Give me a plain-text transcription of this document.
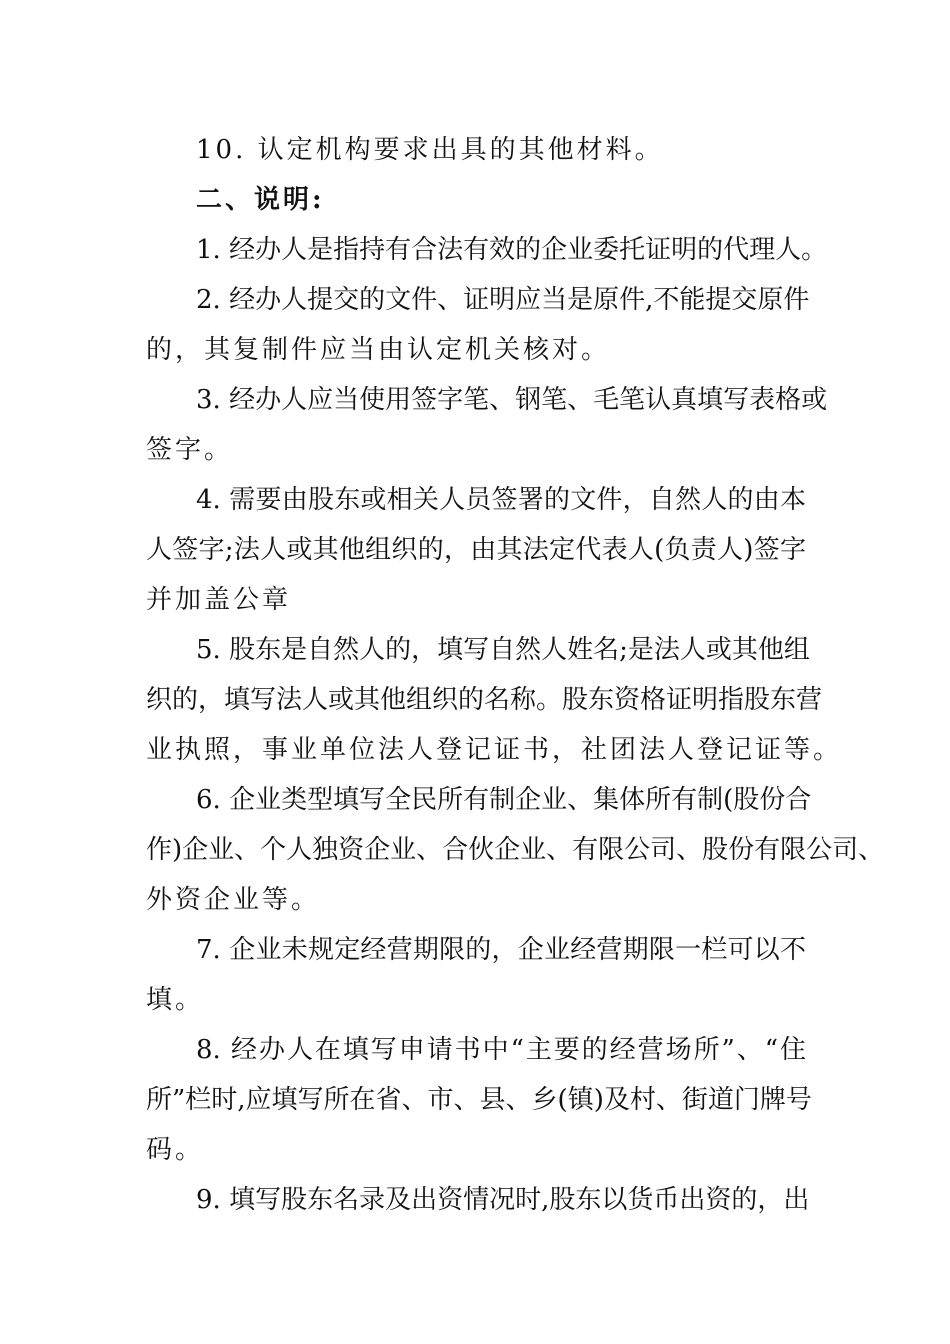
10. 认定机构要求出具的其他材料。
二、说明:
1. 经办人是指持有合法有效的企业委托证明的代理人。
2. 经办人提交的文件、证明应当是原件,不能提交原件
的，其复制件应当由认定机关核对。
3. 经办人应当使用签字笔、钢笔、毛笔认真填写表格或
签字。
4. 需要由股东或相关人员签署的文件，自然人的由本
人签字;法人或其他组织的，由其法定代表人(负责人)签字
并加盖公章
5. 股东是自然人的，填写自然人姓名;是法人或其他组
织的，填写法人或其他组织的名称。股东资格证明指股东营
业执照，事业单位法人登记证书，社团法人登记证等。
6. 企业类型填写全民所有制企业、集体所有制(股份合
作)企业、个人独资企业、合伙企业、有限公司、股份有限公司、
外资企业等。
7. 企业未规定经营期限的，企业经营期限一栏可以不
填。
8. 经办人在填写申请书中“主要的经营场所”、“住
所”栏时,应填写所在省、市、县、乡(镇)及村、街道门牌号
码。
9. 填写股东名录及出资情况时,股东以货币出资的，出
